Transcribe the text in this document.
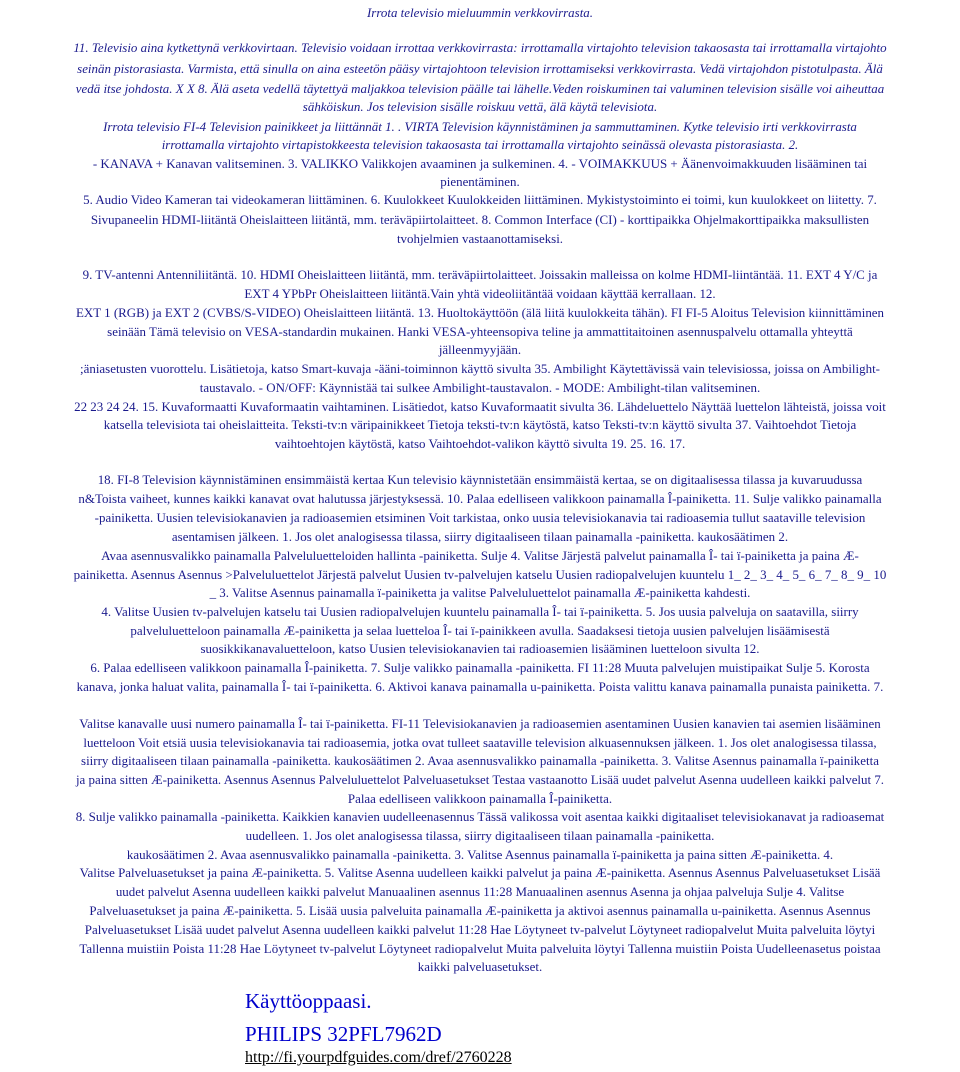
Irrota televisio mieluummin verkkovirrasta.
11. Televisio aina kytkettynä verkkovirtaan. Televisio voidaan irrottaa verkkovirrasta: irrottamalla virtajohto television takaosasta tai irrottamalla virtajohto
seinän pistorasiasta. Varmista, että sinulla on aina esteetön pääsy virtajohtoon television irrottamiseksi verkkovirrasta. Vedä virtajohdon pistotulpasta. Älä
vedä itse johdosta. X X 8. Älä aseta vedellä täytettyä maljakkoa television päälle tai lähelle.Veden roiskuminen tai valuminen television sisälle voi aiheuttaa
sähköiskun. Jos television sisälle roiskuu vettä, älä käytä televisiota.
Irrota televisio FI-4 Television painikkeet ja liittännät 1. . VIRTA Television käynnistäminen ja sammuttaminen. Kytke televisio irti verkkovirrasta
irrottamalla virtajohto virtapistokkeesta television takaosasta tai irrottamalla virtajohto seinässä olevasta pistorasiasta. 2.
- KANAVA + Kanavan valitseminen. 3. VALIKKO Valikkojen avaaminen ja sulkeminen. 4. - VOIMAKKUUS + Äänenvoimakkuuden lisääminen tai
pienentäminen.
5. Audio Video Kameran tai videokameran liittäminen. 6. Kuulokkeet Kuulokkeiden liittäminen. Mykistystoiminto ei toimi, kun kuulokkeet on liitetty. 7.
Sivupaneelin HDMI-liitäntä Oheislaitteen liitäntä, mm. teräväpiirtolaitteet. 8. Common Interface (CI) - korttipaikka Ohjelmakorttipaikka maksullisten
tvohjelmien vastaanottamiseksi.
9. TV-antenni Antenniliitäntä. 10. HDMI Oheislaitteen liitäntä, mm. teräväpiirtolaitteet. Joissakin malleissa on kolme HDMI-liintäntää. 11. EXT 4 Y/C ja
EXT 4 YPbPr Oheislaitteen liitäntä.Vain yhtä videoliitäntää voidaan käyttää kerrallaan. 12.
EXT 1 (RGB) ja EXT 2 (CVBS/S-VIDEO) Oheislaitteen liitäntä. 13. Huoltokäyttöön (älä liitä kuulokkeita tähän). FI FI-5 Aloitus Television kiinnittäminen
seinään Tämä televisio on VESA-standardin mukainen. Hanki VESA-yhteensopiva teline ja ammattitaitoinen asennuspalvelu ottamalla yhteyttä
jälleenmyyjään.
;äniasetusten vuorottelu. Lisätietoja, katso Smart-kuvaja -ääni-toiminnon käyttö sivulta 35. Ambilight Käytettävissä vain televisiossa, joissa on Ambilight-
taustavalo. - ON/OFF: Käynnistää tai sulkee Ambilight-taustavalon. - MODE: Ambilight-tilan valitseminen.
22 23 24 24. 15. Kuvaformaatti Kuvaformaatin vaihtaminen. Lisätiedot, katso Kuvaformaatit sivulta 36. Lähdeluettelo Näyttää luettelon lähteistä, joissa voit
katsella televisiota tai oheislaitteita. Teksti-tv:n väripainikkeet Tietoja teksti-tv:n käytöstä, katso Teksti-tv:n käyttö sivulta 37. Vaihtoehdot Tietoja
vaihtoehtojen käytöstä, katso Vaihtoehdot-valikon käyttö sivulta 19. 25. 16. 17.
18. FI-8 Television käynnistäminen ensimmäistä kertaa Kun televisio käynnistetään ensimmäistä kertaa, se on digitaalisessa tilassa ja kuvaruudussa
n&Toista vaiheet, kunnes kaikki kanavat ovat halutussa järjestyksessä. 10. Palaa edelliseen valikkoon painamalla Î-painiketta. 11. Sulje valikko painamalla
-painiketta. Uusien televisiokanavien ja radioasemien etsiminen Voit tarkistaa, onko uusia televisiokanavia tai radioasemia tullut saataville television
asentamisen jälkeen. 1. Jos olet analogisessa tilassa, siirry digitaaliseen tilaan painamalla -painiketta. kaukosäätimen 2.
Avaa asennusvalikko painamalla Palveluluetteloiden hallinta -painiketta. Sulje 4. Valitse Järjestä palvelut painamalla Î- tai ï-painiketta ja paina Æ-
painiketta. Asennus Asennus >Palveluluettelot Järjestä palvelut Uusien tv-palvelujen katselu Uusien radiopalvelujen kuuntelu 1_ 2_ 3_ 4_ 5_ 6_ 7_ 8_ 9_ 10
_ 3. Valitse Asennus painamalla ï-painiketta ja valitse Palveluluettelot painamalla Æ-painiketta kahdesti.
4. Valitse Uusien tv-palvelujen katselu tai Uusien radiopalvelujen kuuntelu painamalla Î- tai ï-painiketta. 5. Jos uusia palveluja on saatavilla, siirry
palveluluetteloon painamalla Æ-painiketta ja selaa luetteloa Î- tai ï-painikkeen avulla. Saadaksesi tietoja uusien palvelujen lisäämisestä
suosikkikanavaluetteloon, katso Uusien televisiokanavien tai radioasemien lisääminen luetteloon sivulta 12.
6. Palaa edelliseen valikkoon painamalla Î-painiketta. 7. Sulje valikko painamalla -painiketta. FI 11:28 Muuta palvelujen muistipaikat Sulje 5. Korosta
kanava, jonka haluat valita, painamalla Î- tai ï-painiketta. 6. Aktivoi kanava painamalla u-painiketta. Poista valittu kanava painamalla punaista painiketta. 7.
Valitse kanavalle uusi numero painamalla Î- tai ï-painiketta. FI-11 Televisiokanavien ja radioasemien asentaminen Uusien kanavien tai asemien lisääminen
luetteloon Voit etsiä uusia televisiokanavia tai radioasemia, jotka ovat tulleet saataville television alkuasennuksen jälkeen. 1. Jos olet analogisessa tilassa,
siirry digitaaliseen tilaan painamalla -painiketta. kaukosäätimen 2. Avaa asennusvalikko painamalla -painiketta. 3. Valitse Asennus painamalla ï-painiketta
ja paina sitten Æ-painiketta. Asennus Asennus Palveluluettelot Palveluasetukset Testaa vastaanotto Lisää uudet palvelut Asenna uudelleen kaikki palvelut 7.
Palaa edelliseen valikkoon painamalla Î-painiketta.
8. Sulje valikko painamalla -painiketta. Kaikkien kanavien uudelleenasennus Tässä valikossa voit asentaa kaikki digitaaliset televisiokanavat ja radioasemat
uudelleen. 1. Jos olet analogisessa tilassa, siirry digitaaliseen tilaan painamalla -painiketta.
kaukosäätimen 2. Avaa asennusvalikko painamalla -painiketta. 3. Valitse Asennus painamalla ï-painiketta ja paina sitten Æ-painiketta. 4.
Valitse Palveluasetukset ja paina Æ-painiketta. 5. Valitse Asenna uudelleen kaikki palvelut ja paina Æ-painiketta. Asennus Asennus Palveluasetukset Lisää
uudet palvelut Asenna uudelleen kaikki palvelut Manuaalinen asennus 11:28 Manuaalinen asennus Asenna ja ohjaa palveluja Sulje 4. Valitse
Palveluasetukset ja paina Æ-painiketta. 5. Lisää uusia palveluita painamalla Æ-painiketta ja aktivoi asennus painamalla u-painiketta. Asennus Asennus
Palveluasetukset Lisää uudet palvelut Asenna uudelleen kaikki palvelut 11:28 Hae Löytyneet tv-palvelut Löytyneet radiopalvelut Muita palveluita löytyi
Tallenna muistiin Poista 11:28 Hae Löytyneet tv-palvelut Löytyneet radiopalvelut Muita palveluita löytyi Tallenna muistiin Poista Uudelleenasetus poistaa
kaikki palveluasetukset.
Käyttöoppaasi.
PHILIPS 32PFL7962D
http://fi.yourpdfguides.com/dref/2760228
